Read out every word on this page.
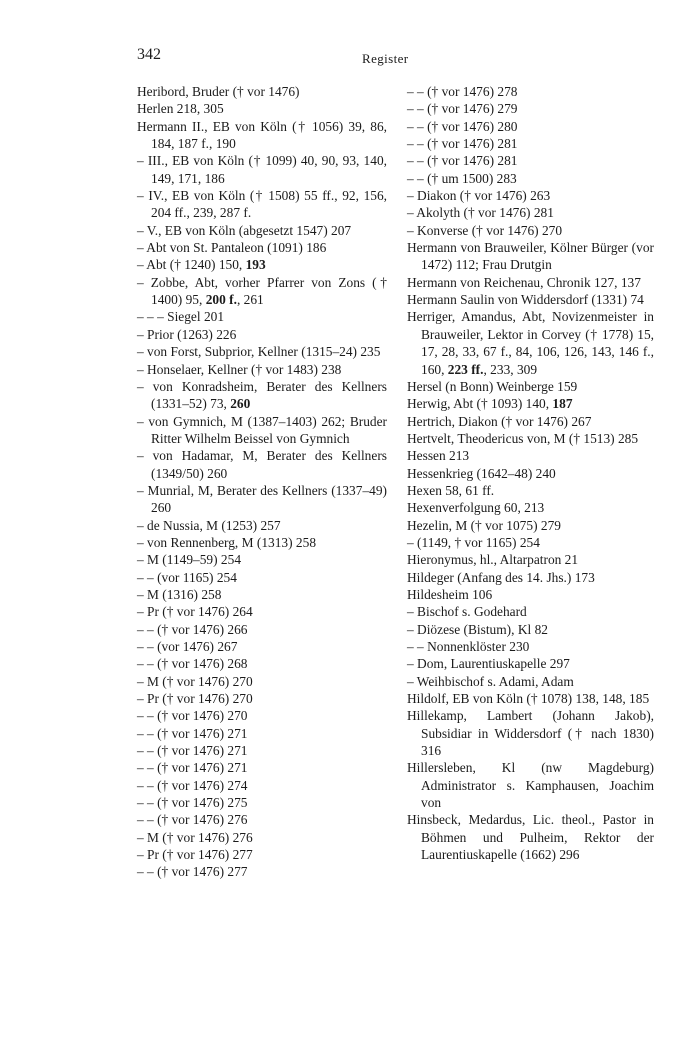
342	Register

Heribord, Bruder († vor 1476)

Herlen 218, 305

Hermann II., EB von Köln († 1056) 39, 86, 184, 187 f., 190

– III., EB von Köln († 1099) 40, 90, 93, 140, 149, 171, 186

– IV., EB von Köln († 1508) 55 ff., 92, 156, 204 ff., 239, 287 f.

– V., EB von Köln (abgesetzt 1547) 207

– Abt von St. Pantaleon (1091) 186

– Abt († 1240) 150, 193

– Zobbe, Abt, vorher Pfarrer von Zons († 1400) 95, 200 f., 261

– – – Siegel 201

– Prior (1263) 226

– von Forst, Subprior, Kellner (1315–24) 235

– Honselaer, Kellner († vor 1483) 238

– von Konradsheim, Berater des Kellners (1331–52) 73, 260

– von Gymnich, M (1387–1403) 262; Bruder Ritter Wilhelm Beissel von Gymnich

– von Hadamar, M, Berater des Kellners (1349/50) 260

– Munrial, M, Berater des Kellners (1337–49) 260

– de Nussia, M (1253) 257

– von Rennenberg, M (1313) 258

– M (1149–59) 254

– – (vor 1165) 254

– M (1316) 258

– Pr († vor 1476) 264

– – († vor 1476) 266

– – (vor 1476) 267

– – († vor 1476) 268

– M († vor 1476) 270

– Pr († vor 1476) 270

– – († vor 1476) 270

– – († vor 1476) 271

– – († vor 1476) 271

– – († vor 1476) 271

– – († vor 1476) 274

– – († vor 1476) 275

– – († vor 1476) 276

– M († vor 1476) 276

– Pr († vor 1476) 277

– – († vor 1476) 277

– – († vor 1476) 278

– – († vor 1476) 279

– – († vor 1476) 280

– – († vor 1476) 281

– – († vor 1476) 281

– – († um 1500) 283

– Diakon († vor 1476) 263

– Akolyth († vor 1476) 281

– Konverse († vor 1476) 270

Hermann von Brauweiler, Kölner Bürger (vor 1472) 112; Frau Drutgin

Hermann von Reichenau, Chronik 127, 137

Hermann Saulin von Widdersdorf (1331) 74

Herriger, Amandus, Abt, Novizenmeister in Brauweiler, Lektor in Corvey († 1778) 15, 17, 28, 33, 67 f., 84, 106, 126, 143, 146 f., 160, 223 ff., 233, 309

Hersel (n Bonn) Weinberge 159

Herwig, Abt († 1093) 140, 187

Hertrich, Diakon († vor 1476) 267

Hertvelt, Theodericus von, M († 1513) 285

Hessen 213

Hessenkrieg (1642–48) 240

Hexen 58, 61 ff.

Hexenverfolgung 60, 213

Hezelin, M († vor 1075) 279

– (1149, † vor 1165) 254

Hieronymus, hl., Altarpatron 21

Hildeger (Anfang des 14. Jhs.) 173

Hildesheim 106

– Bischof s. Godehard

– Diözese (Bistum), Kl 82

– – Nonnenklöster 230

– Dom, Laurentiuskapelle 297

– Weihbischof s. Adami, Adam

Hildolf, EB von Köln († 1078) 138, 148, 185

Hillekamp, Lambert (Johann Jakob), Subsidiar in Widdersdorf († nach 1830) 316

Hillersleben, Kl (nw Magdeburg) Administrator s. Kamphausen, Joachim von

Hinsbeck, Medardus, Lic. theol., Pastor in Böhmen und Pulheim, Rektor der Laurentiuskapelle (1662) 296
